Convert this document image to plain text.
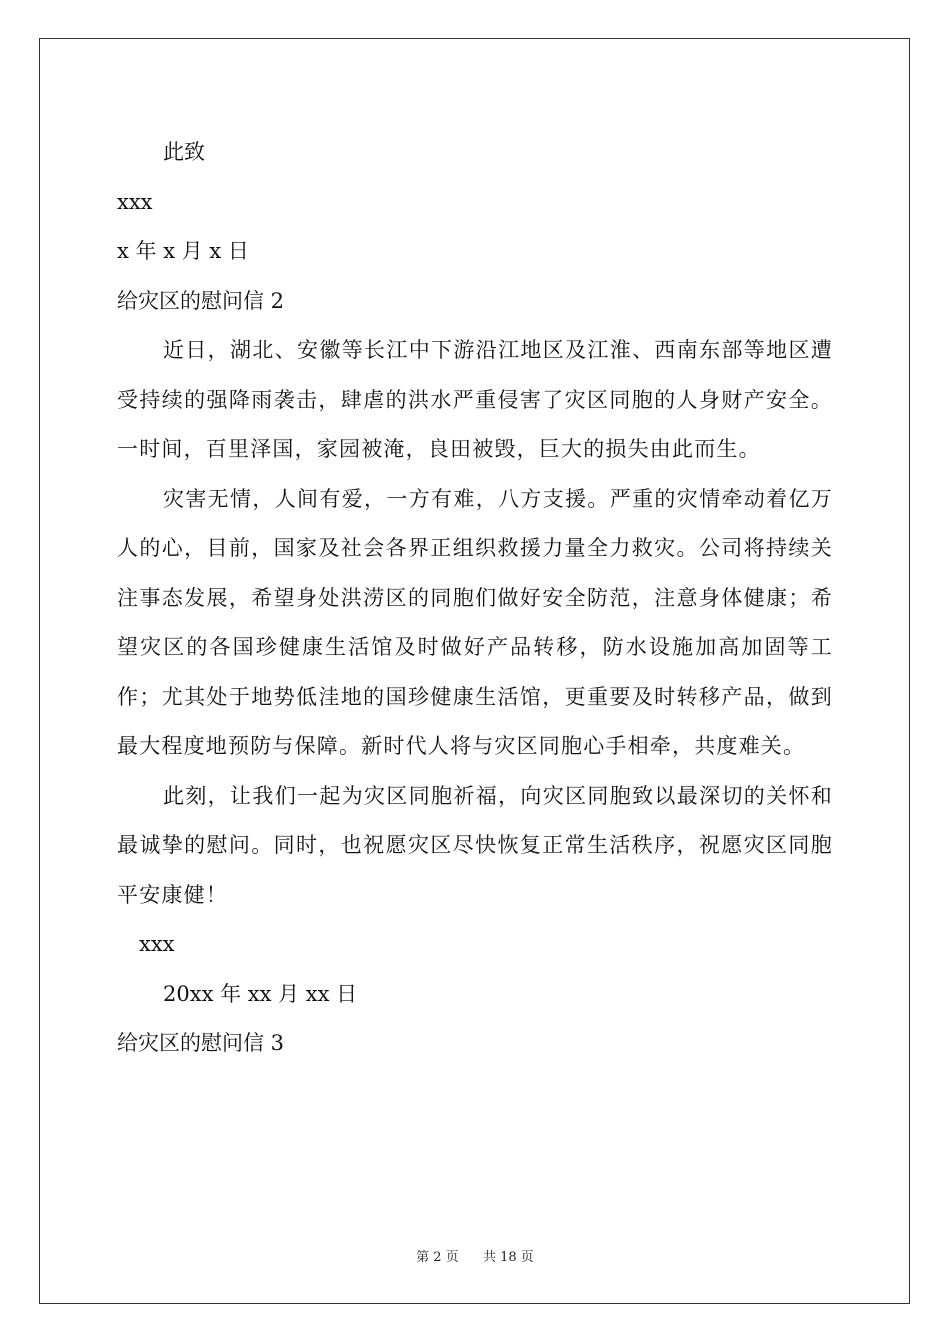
此致

xxx

x 年 x 月 x 日

给灾区的慰问信 2

近日，湖北、安徽等长江中下游沿江地区及江淮、西南东部等地区遭受持续的强降雨袭击，肆虐的洪水严重侵害了灾区同胞的人身财产安全。一时间，百里泽国，家园被淹，良田被毁，巨大的损失由此而生。

灾害无情，人间有爱，一方有难，八方支援。严重的灾情牵动着亿万人的心，目前，国家及社会各界正组织救援力量全力救灾。公司将持续关注事态发展，希望身处洪涝区的同胞们做好安全防范，注意身体健康；希望灾区的各国珍健康生活馆及时做好产品转移，防水设施加高加固等工作；尤其处于地势低洼地的国珍健康生活馆，更重要及时转移产品，做到最大程度地预防与保障。新时代人将与灾区同胞心手相牵，共度难关。

此刻，让我们一起为灾区同胞祈福，向灾区同胞致以最深切的关怀和最诚挚的慰问。同时，也祝愿灾区尽快恢复正常生活秩序，祝愿灾区同胞平安康健！

xxx

20xx 年 xx 月 xx 日

给灾区的慰问信 3

第 2 页 共 18 页
